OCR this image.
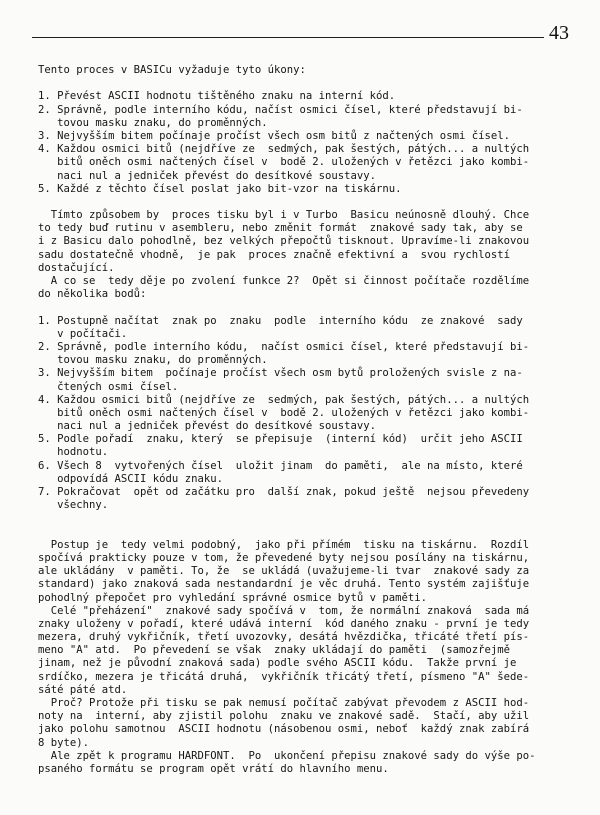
43
Tento proces v BASICu vyžaduje tyto úkony:
1. Převést ASCII hodnotu tištěného znaku na interní kód.
2. Správně, podle interního kódu, načíst osmici čísel, které představují bi-
tovou masku znaku, do proměnných.
3. Nejvyšším bitem počínaje pročíst všech osm bitů z načtených osmi čísel.
4. Každou osmici bitů (nejdříve ze  sedmých, pak šestých, pátých... a nultých
bitů oněch osmi načtených čísel v  bodě 2. uložených v řetězci jako kombi-
naci nul a jedniček převést do desítkové soustavy.
5. Každé z těchto čísel poslat jako bit-vzor na tiskárnu.
Tímto způsobem by  proces tisku byl i v Turbo  Basicu neúnosně dlouhý. Chce
to tedy buď rutinu v asembleru, nebo změnit formát  znakové sady tak, aby se
i z Basicu dalo pohodlně, bez velkých přepočtů tisknout. Upravíme-li znakovou
sadu dostatečně vhodně,  je pak  proces značně efektivní a  svou rychlostí
dostačující.
A co se  tedy děje po zvolení funkce 2?  Opět si činnost počítače rozdělíme
do několika bodů:
1. Postupně načítat  znak po  znaku  podle  interního kódu  ze znakové  sady
v počítači.
2. Správně, podle interního kódu,  načíst osmici čísel, které představují bi-
tovou masku znaku, do proměnných.
3. Nejvyšším bitem  počínaje pročíst všech osm bytů proložených svisle z na-
čtených osmi čísel.
4. Každou osmici bitů (nejdříve ze  sedmých, pak šestých, pátých... a nultých
bitů oněch osmi načtených čísel v  bodě 2. uložených v řetězci jako kombi-
naci nul a jedniček převést do desítkové soustavy.
5. Podle pořadí  znaku, který  se přepisuje  (interní kód)  určit jeho ASCII
hodnotu.
6. Všech 8  vytvořených čísel  uložit jinam  do paměti,  ale na místo, které
odpovídá ASCII kódu znaku.
7. Pokračovat  opět od začátku pro  další znak, pokud ještě  nejsou převedeny
všechny.
Postup je  tedy velmi podobný,  jako při přímém  tisku na tiskárnu.  Rozdíl
spočívá prakticky pouze v tom, že převedené byty nejsou posílány na tiskárnu,
ale ukládány  v paměti. To, že  se ukládá (uvažujeme-li tvar  znakové sady za
standard) jako znaková sada nestandardní je věc druhá. Tento systém zajišťuje
pohodlný přepočet pro vyhledání správné osmice bytů v paměti.
Celé "přeházení"  znakové sady spočívá v  tom, že normální znaková  sada má
znaky uloženy v pořadí, které udává interní  kód daného znaku - první je tedy
mezera, druhý vykřičník, třetí uvozovky, desátá hvězdička, třicáté třetí pís-
meno "A" atd.  Po převedení se však  znaky ukládají do paměti  (samozřejmě
jinam, než je původní znaková sada) podle svého ASCII kódu.  Takže první je
srdíčko, mezera je třicátá druhá,  vykřičník třicátý třetí, písmeno "A" šede-
sáté páté atd.
Proč? Protože při tisku se pak nemusí počítač zabývat převodem z ASCII hod-
noty na  interní, aby zjistil polohu  znaku ve znakové sadě.  Stačí, aby užil
jako polohu samotnou  ASCII hodnotu (násobenou osmi, neboť  každý znak zabírá
8 byte).
Ale zpět k programu HARDFONT.  Po  ukončení přepisu znakové sady do výše po-
psaného formátu se program opět vrátí do hlavního menu.
